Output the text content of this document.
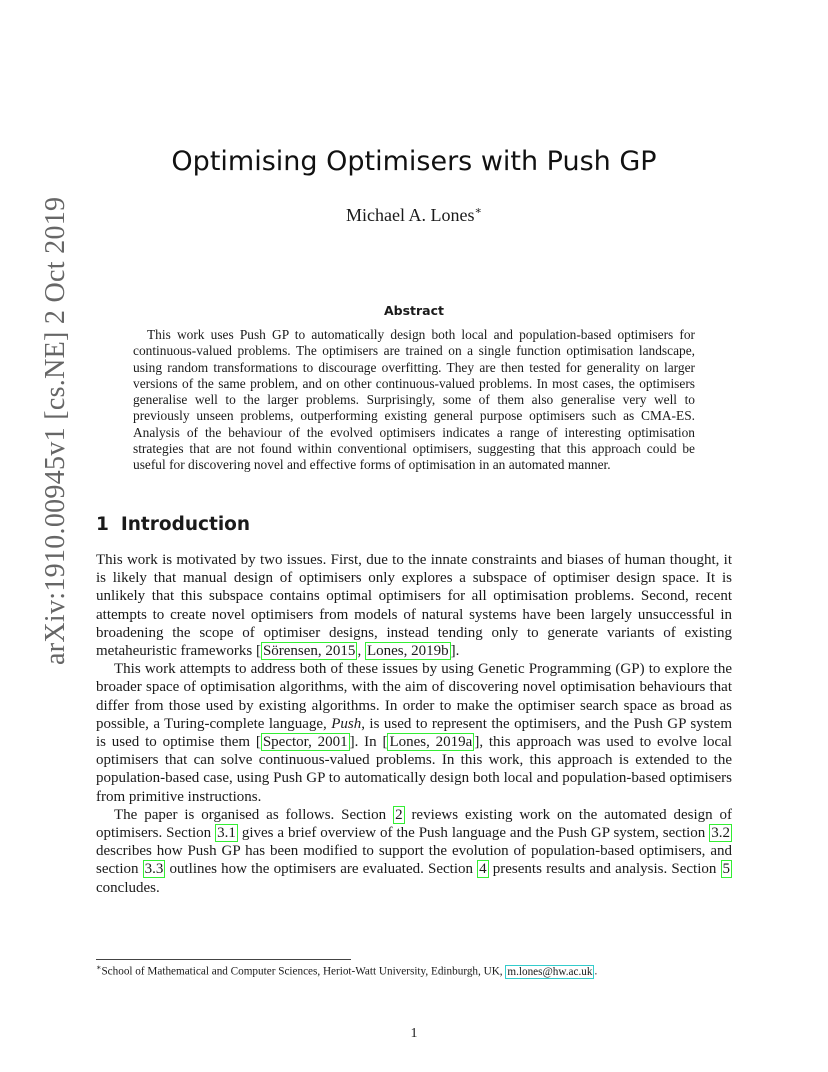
arXiv:1910.00945v1 [cs.NE] 2 Oct 2019
Optimising Optimisers with Push GP
Michael A. Lones∗
Abstract

This work uses Push GP to automatically design both local and population-based optimisers for continuous-valued problems. The optimisers are trained on a single function optimisation landscape, using random transformations to discourage overfitting. They are then tested for generality on larger versions of the same problem, and on other continuous-valued problems. In most cases, the optimisers generalise well to the larger problems. Surprisingly, some of them also generalise very well to previously unseen problems, outperforming existing general purpose optimisers such as CMA-ES. Analysis of the behaviour of the evolved optimisers indicates a range of interesting optimisation strategies that are not found within conventional optimisers, suggesting that this approach could be useful for discovering novel and effective forms of optimisation in an automated manner.

1 Introduction

This work is motivated by two issues. First, due to the innate constraints and biases of human thought, it is likely that manual design of optimisers only explores a subspace of optimiser design space. It is unlikely that this subspace contains optimal optimisers for all optimisation problems. Second, recent attempts to create novel optimisers from models of natural systems have been largely unsuccessful in broadening the scope of optimiser designs, instead tending only to generate variants of existing metaheuristic frameworks [ Sörensen, 2015 , Lones, 2019b ].

This work attempts to address both of these issues by using Genetic Programming (GP) to explore the broader space of optimisation algorithms, with the aim of discovering novel optimisation behaviours that differ from those used by existing algorithms. In order to make the optimiser search space as broad as possible, a Turing-complete language, Push, is used to represent the optimisers, and the Push GP system is used to optimise them [ Spector, 2001 ]. In [ Lones, 2019a ], this approach was used to evolve local optimisers that can solve continuous-valued problems. In this work, this approach is extended to the population-based case, using Push GP to automatically design both local and population-based optimisers from primitive instructions.

The paper is organised as follows. Section 2 reviews existing work on the automated design of optimisers. Section 3.1 gives a brief overview of the Push language and the Push GP system, section 3.2 describes how Push GP has been modified to support the evolution of population-based optimisers, and section 3.3 outlines how the optimisers are evaluated. Section 4 presents results and analysis. Section 5 concludes.

∗School of Mathematical and Computer Sciences, Heriot-Watt University, Edinburgh, UK, m.lones@hw.ac.uk .
1
